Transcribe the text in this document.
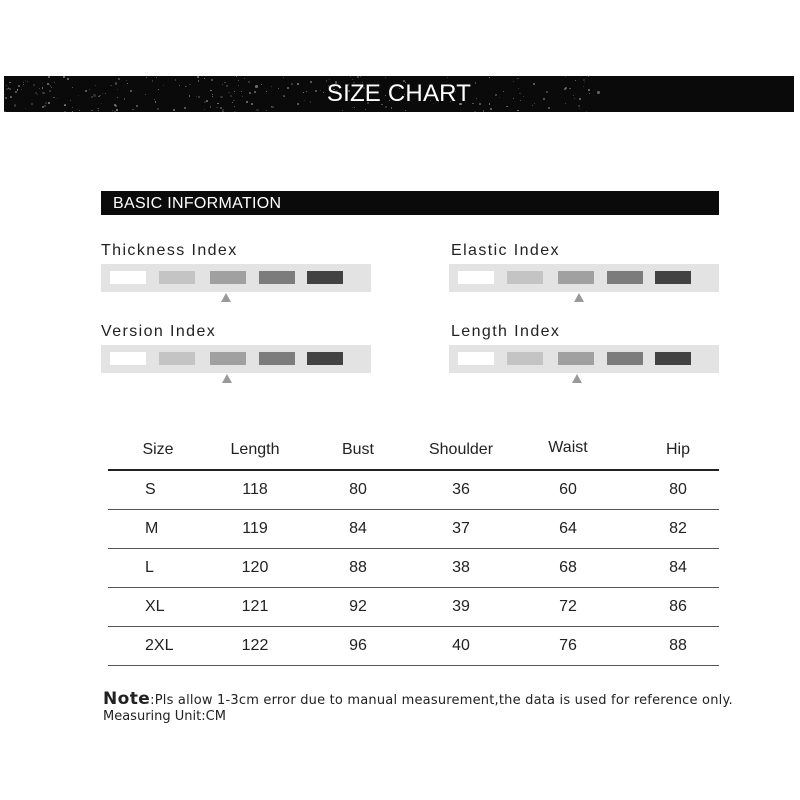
SIZE CHART
BASIC INFORMATION
Thickness Index	Elastic Index
Version Index	Length Index
Size	Length	Bust	Shoulder	Waist	Hip
S	118	80	36	60	80
M	119	84	37	64	82
L	120	88	38	68	84
XL	121	92	39	72	86
2XL	122	96	40	76	88
Note:Pls allow 1-3cm error due to manual measurement,the data is used for reference only.
Measuring Unit:CM
